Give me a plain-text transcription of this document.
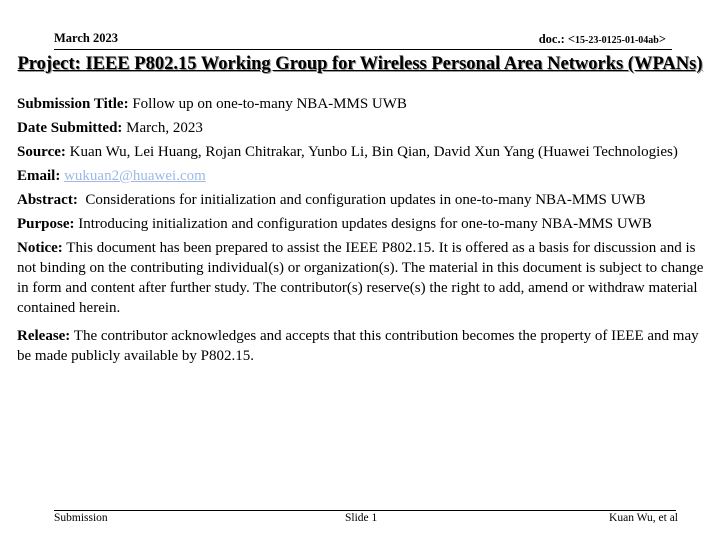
March 2023	doc.: <15-23-0125-01-04ab>
Project: IEEE P802.15 Working Group for Wireless Personal Area Networks (WPANs)

Submission Title: Follow up on one-to-many NBA-MMS UWB

Date Submitted: March, 2023

Source: Kuan Wu, Lei Huang, Rojan Chitrakar, Yunbo Li, Bin Qian, David Xun Yang (Huawei Technologies)

Email: wukuan2@huawei.com

Abstract: Considerations for initialization and configuration updates in one-to-many NBA-MMS UWB

Purpose: Introducing initialization and configuration updates designs for one-to-many NBA-MMS UWB

Notice: This document has been prepared to assist the IEEE P802.15. It is offered as a basis for discussion and is not binding on the contributing individual(s) or organization(s). The material in this document is subject to change in form and content after further study. The contributor(s) reserve(s) the right to add, amend or withdraw material contained herein.

Release: The contributor acknowledges and accepts that this contribution becomes the property of IEEE and may be made publicly available by P802.15.

Submission	Slide 1	Kuan Wu, et al
